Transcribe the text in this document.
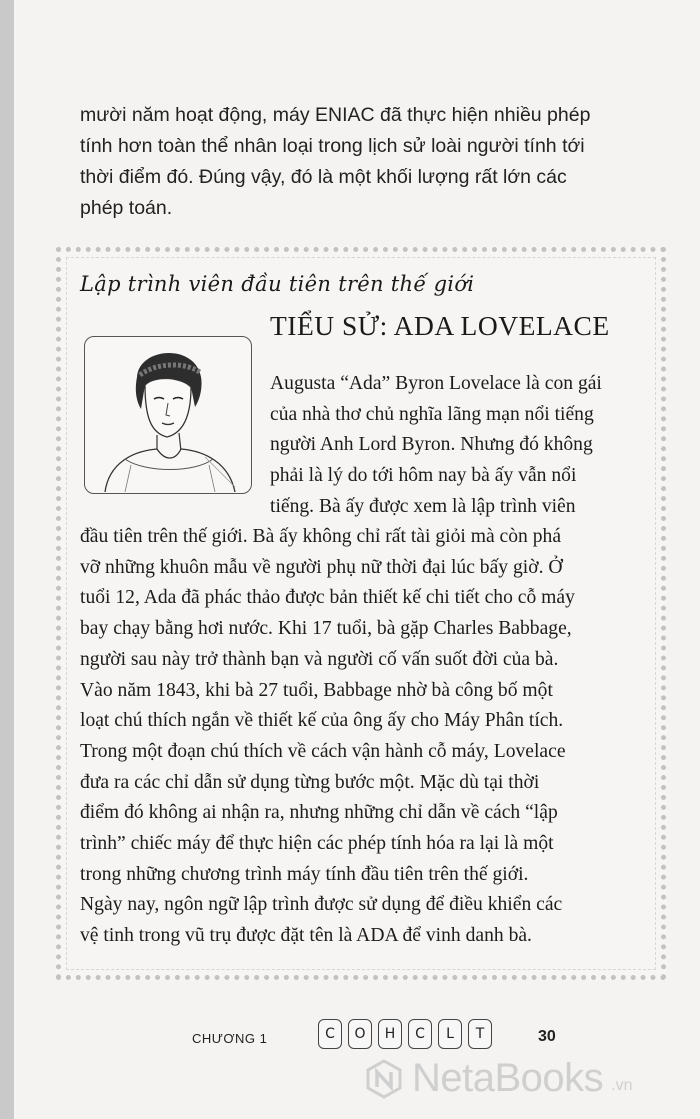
mười năm hoạt động, máy ENIAC đã thực hiện nhiều phép
tính hơn toàn thể nhân loại trong lịch sử loài người tính tới
thời điểm đó. Đúng vậy, đó là một khối lượng rất lớn các
phép toán.
Lập trình viên đầu tiên trên thế giới
TIỂU SỬ: ADA LOVELACE
Augusta “Ada” Byron Lovelace là con gái
của nhà thơ chủ nghĩa lãng mạn nổi tiếng
người Anh Lord Byron. Nhưng đó không
phải là lý do tới hôm nay bà ấy vẫn nổi
tiếng. Bà ấy được xem là lập trình viên
đầu tiên trên thế giới. Bà ấy không chỉ rất tài giỏi mà còn phá
vỡ những khuôn mẫu về người phụ nữ thời đại lúc bấy giờ. Ở
tuổi 12, Ada đã phác thảo được bản thiết kế chi tiết cho cỗ máy
bay chạy bằng hơi nước. Khi 17 tuổi, bà gặp Charles Babbage,
người sau này trở thành bạn và người cố vấn suốt đời của bà.
Vào năm 1843, khi bà 27 tuổi, Babbage nhờ bà công bố một
loạt chú thích ngắn về thiết kế của ông ấy cho Máy Phân tích.
Trong một đoạn chú thích về cách vận hành cỗ máy, Lovelace
đưa ra các chỉ dẫn sử dụng từng bước một. Mặc dù tại thời
điểm đó không ai nhận ra, nhưng những chỉ dẫn về cách “lập
trình” chiếc máy để thực hiện các phép tính hóa ra lại là một
trong những chương trình máy tính đầu tiên trên thế giới.
Ngày nay, ngôn ngữ lập trình được sử dụng để điều khiển các
vệ tinh trong vũ trụ được đặt tên là ADA để vinh danh bà.
CHƯƠNG 1	C	O	H	C	L	T	30
NetaBooks .vn
